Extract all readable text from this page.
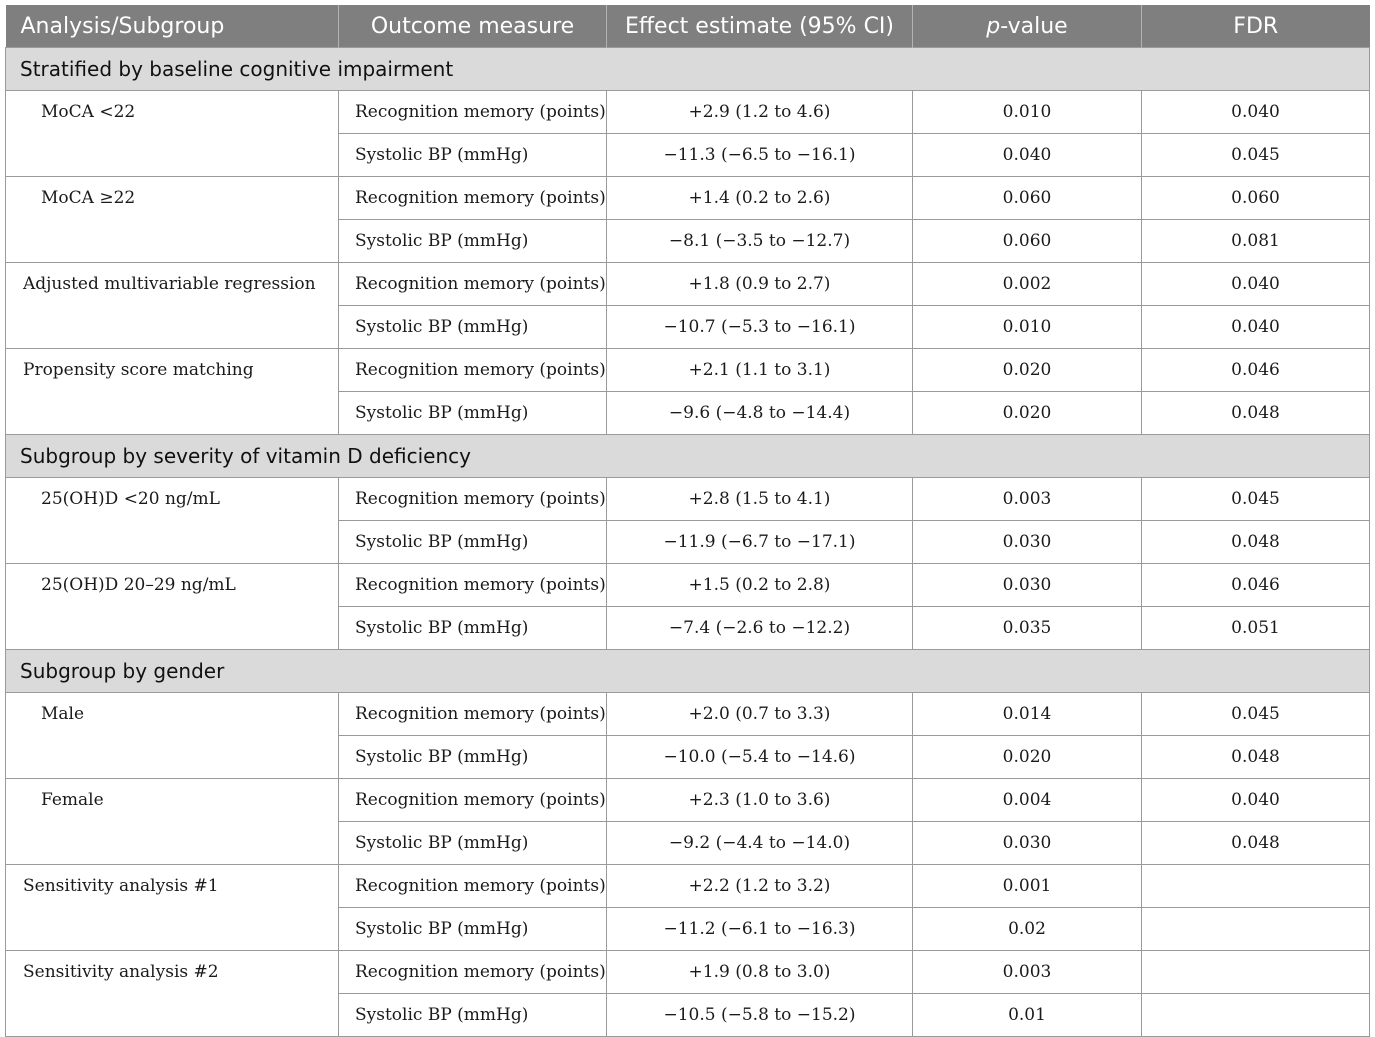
Analysis/Subgroup	Outcome measure	Effect estimate (95% CI)	p-value	FDR
Stratified by baseline cognitive impairment				
MoCA <22	Recognition memory (points)	+2.9 (1.2 to 4.6)	0.010	0.040
	Systolic BP (mmHg)	−11.3 (−6.5 to −16.1)	0.040	0.045
MoCA ≥22	Recognition memory (points)	+1.4 (0.2 to 2.6)	0.060	0.060
	Systolic BP (mmHg)	−8.1 (−3.5 to −12.7)	0.060	0.081
Adjusted multivariable regression	Recognition memory (points)	+1.8 (0.9 to 2.7)	0.002	0.040
	Systolic BP (mmHg)	−10.7 (−5.3 to −16.1)	0.010	0.040
Propensity score matching	Recognition memory (points)	+2.1 (1.1 to 3.1)	0.020	0.046
	Systolic BP (mmHg)	−9.6 (−4.8 to −14.4)	0.020	0.048
Subgroup by severity of vitamin D deficiency				
25(OH)D <20 ng/mL	Recognition memory (points)	+2.8 (1.5 to 4.1)	0.003	0.045
	Systolic BP (mmHg)	−11.9 (−6.7 to −17.1)	0.030	0.048
25(OH)D 20–29 ng/mL	Recognition memory (points)	+1.5 (0.2 to 2.8)	0.030	0.046
	Systolic BP (mmHg)	−7.4 (−2.6 to −12.2)	0.035	0.051
Subgroup by gender				
Male	Recognition memory (points)	+2.0 (0.7 to 3.3)	0.014	0.045
	Systolic BP (mmHg)	−10.0 (−5.4 to −14.6)	0.020	0.048
Female	Recognition memory (points)	+2.3 (1.0 to 3.6)	0.004	0.040
	Systolic BP (mmHg)	−9.2 (−4.4 to −14.0)	0.030	0.048
Sensitivity analysis #1	Recognition memory (points)	+2.2 (1.2 to 3.2)	0.001	
	Systolic BP (mmHg)	−11.2 (−6.1 to −16.3)	0.02	
Sensitivity analysis #2	Recognition memory (points)	+1.9 (0.8 to 3.0)	0.003	
	Systolic BP (mmHg)	−10.5 (−5.8 to −15.2)	0.01	
